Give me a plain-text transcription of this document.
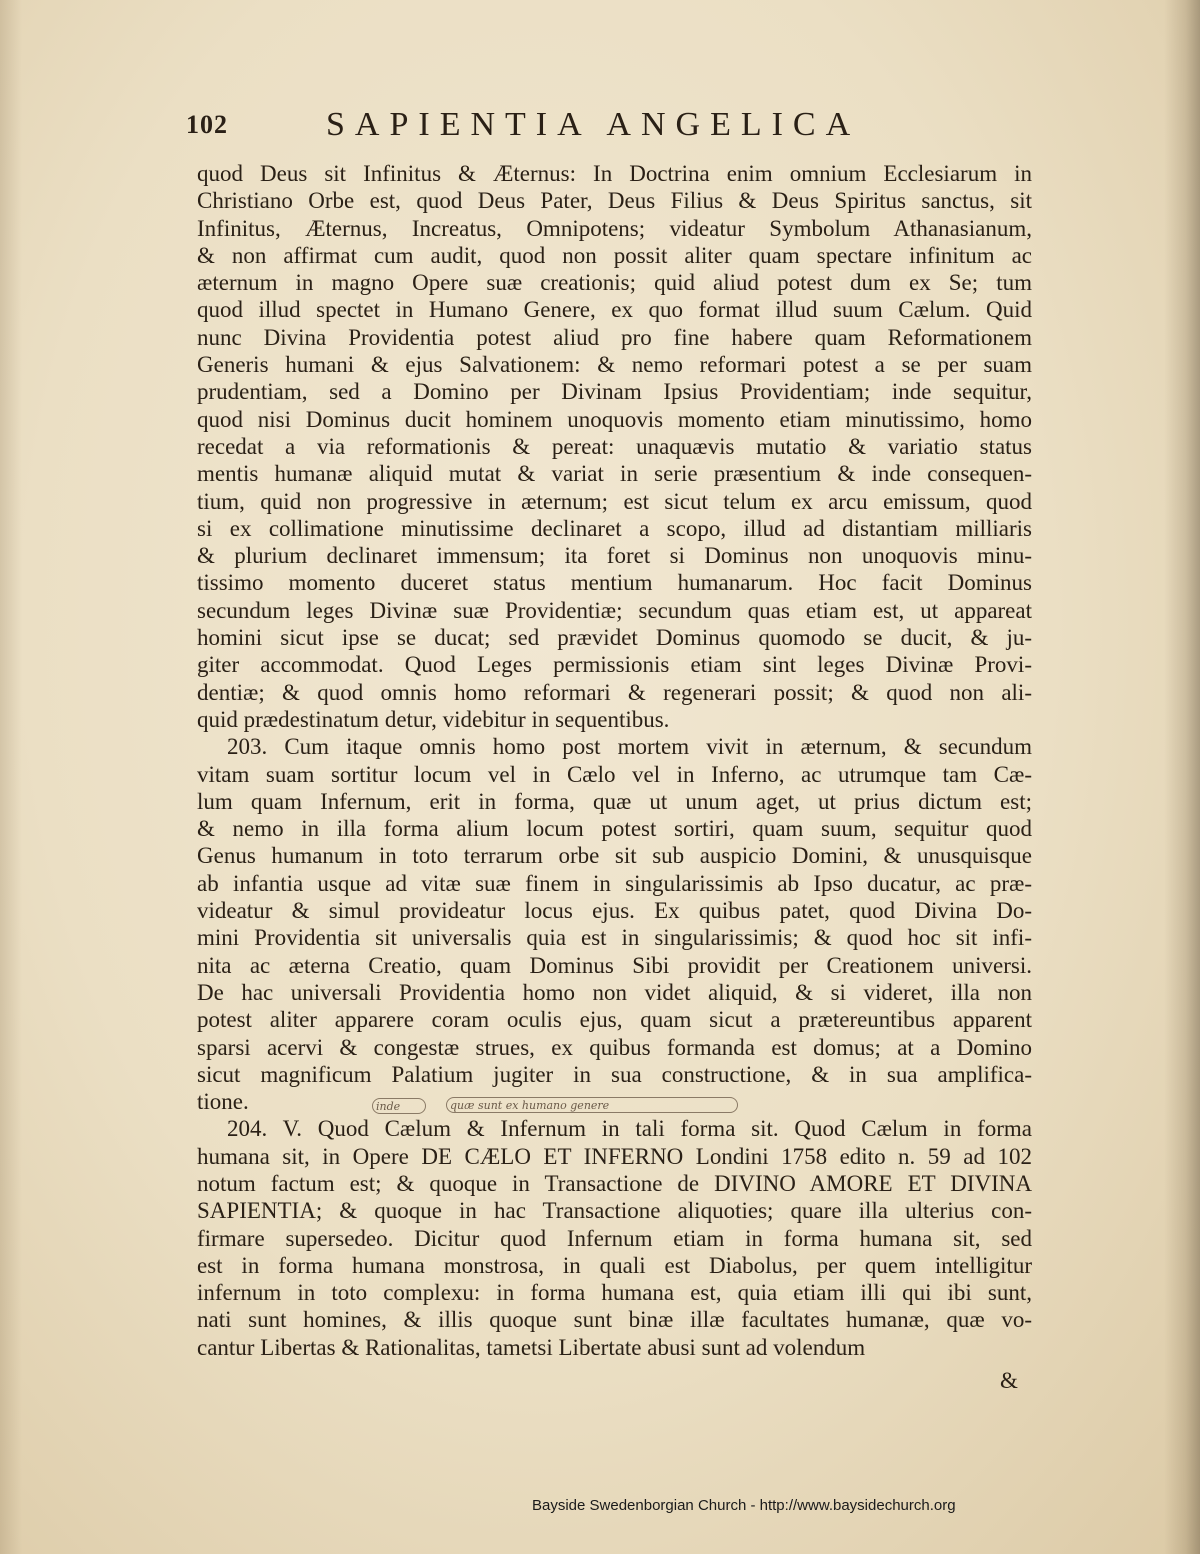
102	SAPIENTIA ANGELICA

quod Deus sit Infinitus & Æternus: In Doctrina enim omnium Ecclesiarum in
Christiano Orbe est, quod Deus Pater, Deus Filius & Deus Spiritus sanctus, sit
Infinitus, Æternus, Increatus, Omnipotens; videatur Symbolum Athanasianum,
& non affirmat cum audit, quod non possit aliter quam spectare infinitum ac
æternum in magno Opere suæ creationis; quid aliud potest dum ex Se; tum
quod illud spectet in Humano Genere, ex quo format illud suum Cælum. Quid
nunc Divina Providentia potest aliud pro fine habere quam Reformationem
Generis humani & ejus Salvationem: & nemo reformari potest a se per suam
prudentiam, sed a Domino per Divinam Ipsius Providentiam; inde sequitur,
quod nisi Dominus ducit hominem unoquovis momento etiam minutissimo, homo
recedat a via reformationis & pereat: unaquævis mutatio & variatio status
mentis humanæ aliquid mutat & variat in serie præsentium & inde consequen-
tium, quid non progressive in æternum; est sicut telum ex arcu emissum, quod
si ex collimatione minutissime declinaret a scopo, illud ad distantiam milliaris
& plurium declinaret immensum; ita foret si Dominus non unoquovis minu-
tissimo momento duceret status mentium humanarum. Hoc facit Dominus
secundum leges Divinæ suæ Providentiæ; secundum quas etiam est, ut appareat
homini sicut ipse se ducat; sed prævidet Dominus quomodo se ducit, & ju-
giter accommodat. Quod Leges permissionis etiam sint leges Divinæ Provi-
dentiæ; & quod omnis homo reformari & regenerari possit; & quod non ali-
quid prædestinatum detur, videbitur in sequentibus.

203. Cum itaque omnis homo post mortem vivit in æternum, & secundum
vitam suam sortitur locum vel in Cælo vel in Inferno, ac utrumque tam Cæ-
lum quam Infernum, erit in forma, quæ ut unum aget, ut prius dictum est;
& nemo in illa forma alium locum potest sortiri, quam suum, sequitur quod
Genus humanum in toto terrarum orbe sit sub auspicio Domini, & unusquisque
ab infantia usque ad vitæ suæ finem in singularissimis ab Ipso ducatur, ac præ-
videatur & simul provideatur locus ejus. Ex quibus patet, quod Divina Do-
mini Providentia sit universalis quia est in singularissimis; & quod hoc sit infi-
nita ac æterna Creatio, quam Dominus Sibi providit per Creationem universi.
De hac universali Providentia homo non videt aliquid, & si videret, illa non
potest aliter apparere coram oculis ejus, quam sicut a prætereuntibus apparent
sparsi acervi & congestæ strues, ex quibus formanda est domus; at a Domino
sicut magnificum Palatium jugiter in sua constructione, & in sua amplifica-
tione.

204. V. Quod Cælum & Infernum in tali forma sit. Quod Cælum in forma
humana sit, in Opere DE CÆLO ET INFERNO Londini 1758 edito n. 59 ad 102
notum factum est; & quoque in Transactione de DIVINO AMORE ET DIVINA
SAPIENTIA; & quoque in hac Transactione aliquoties; quare illa ulterius con-
firmare supersedeo. Dicitur quod Infernum etiam in forma humana sit, sed
est in forma humana monstrosa, in quali est Diabolus, per quem intelligitur
infernum in toto complexu: in forma humana est, quia etiam illi qui ibi sunt,
nati sunt homines, & illis quoque sunt binæ illæ facultates humanæ, quæ vo-
cantur Libertas & Rationalitas, tametsi Libertate abusi sunt ad volendum

inde	quæ sunt ex humano genere
&
Bayside Swedenborgian Church - http://www.baysidechurch.org
